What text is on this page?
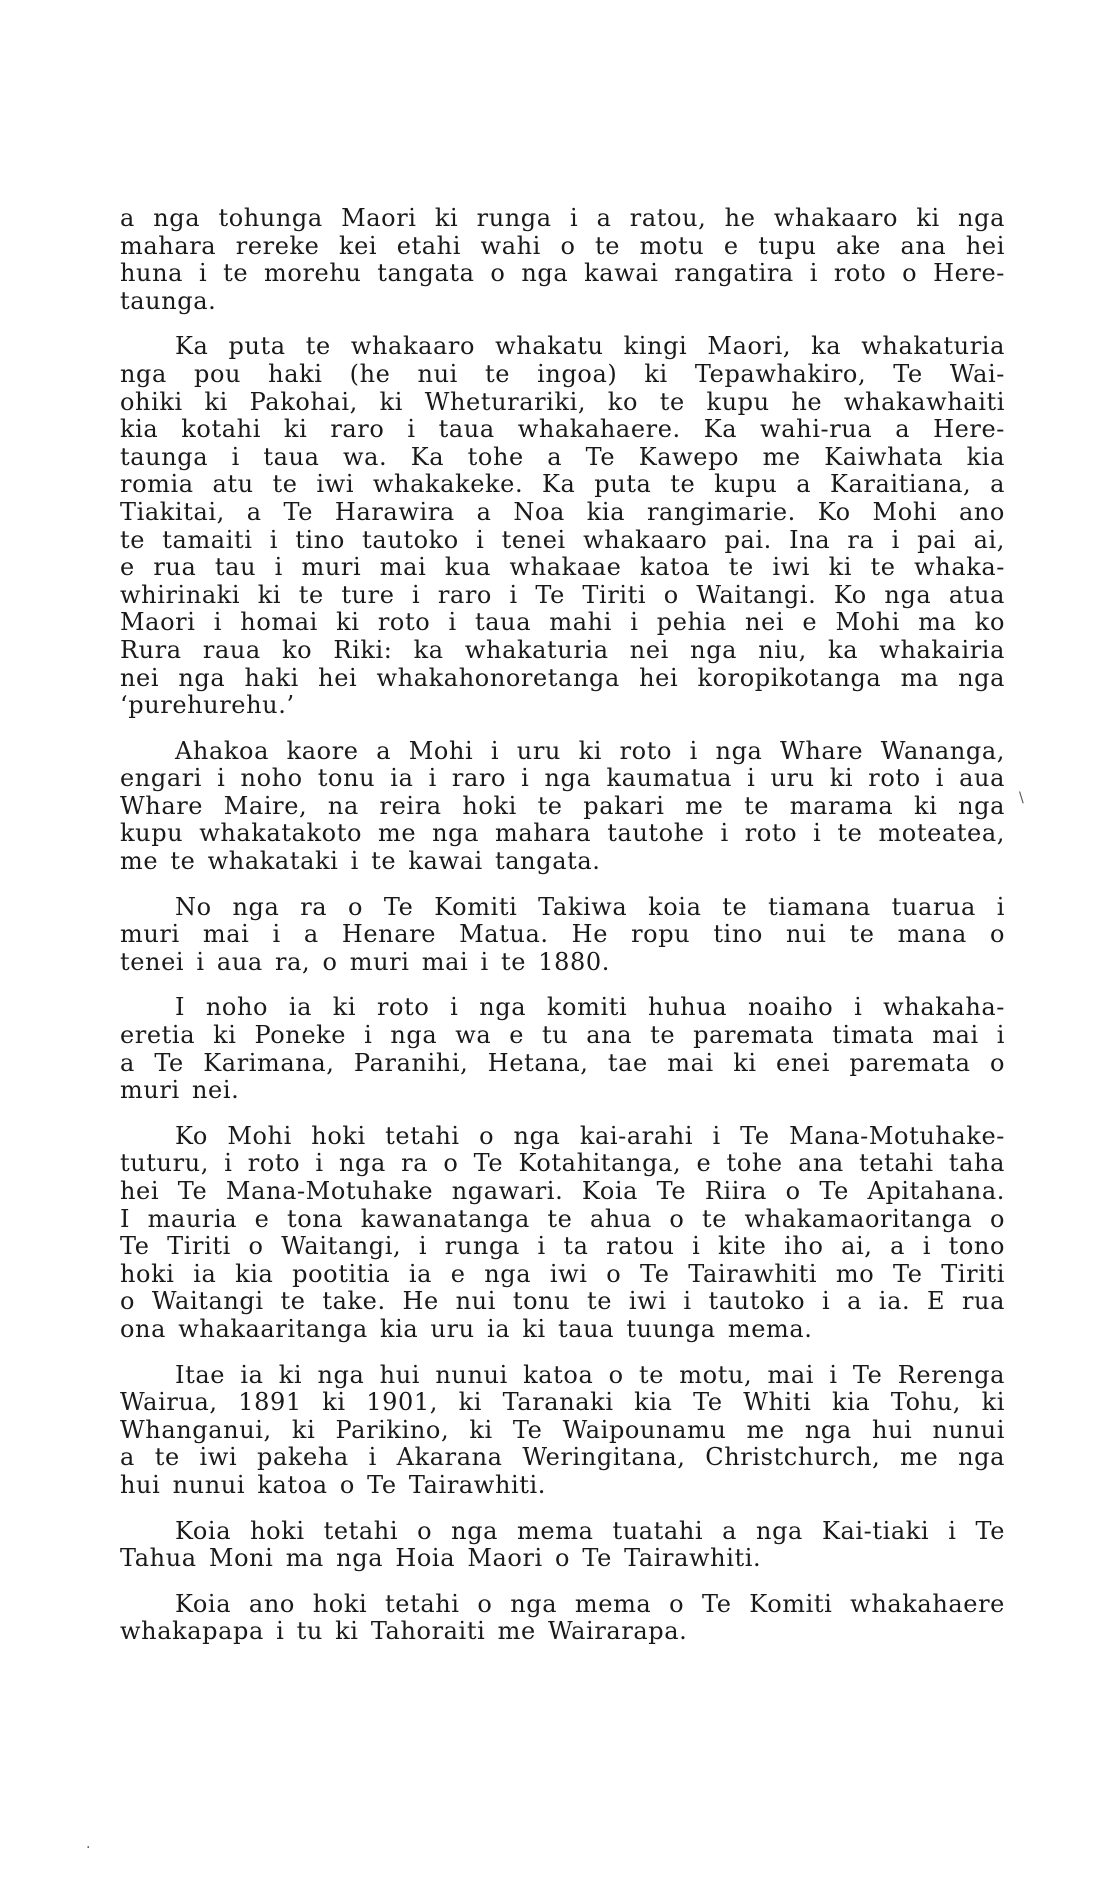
a nga tohunga Maori ki runga i a ratou, he whakaaro ki nga
mahara rereke kei etahi wahi o te motu e tupu ake ana hei
huna i te morehu tangata o nga kawai rangatira i roto o Here-
taunga.

Ka puta te whakaaro whakatu kingi Maori, ka whakaturia
nga pou haki (he nui te ingoa) ki Tepawhakiro, Te Wai-
ohiki ki Pakohai, ki Wheturariki, ko te kupu he whakawhaiti
kia kotahi ki raro i taua whakahaere. Ka wahi-rua a Here-
taunga i taua wa. Ka tohe a Te Kawepo me Kaiwhata kia
romia atu te iwi whakakeke. Ka puta te kupu a Karaitiana, a
Tiakitai, a Te Harawira a Noa kia rangimarie. Ko Mohi ano
te tamaiti i tino tautoko i tenei whakaaro pai. Ina ra i pai ai,
e rua tau i muri mai kua whakaae katoa te iwi ki te whaka-
whirinaki ki te ture i raro i Te Tiriti o Waitangi. Ko nga atua
Maori i homai ki roto i taua mahi i pehia nei e Mohi ma ko
Rura raua ko Riki: ka whakaturia nei nga niu, ka whakairia
nei nga haki hei whakahonoretanga hei koropikotanga ma nga
‘purehurehu.’

Ahakoa kaore a Mohi i uru ki roto i nga Whare Wananga,
engari i noho tonu ia i raro i nga kaumatua i uru ki roto i aua
Whare Maire, na reira hoki te pakari me te marama ki nga
kupu whakatakoto me nga mahara tautohe i roto i te moteatea,
me te whakataki i te kawai tangata.

No nga ra o Te Komiti Takiwa koia te tiamana tuarua i
muri mai i a Henare Matua. He ropu tino nui te mana o
tenei i aua ra, o muri mai i te 1880.

I noho ia ki roto i nga komiti huhua noaiho i whakaha-
eretia ki Poneke i nga wa e tu ana te paremata timata mai i
a Te Karimana, Paranihi, Hetana, tae mai ki enei paremata o
muri nei.

Ko Mohi hoki tetahi o nga kai-arahi i Te Mana-Motuhake-
tuturu, i roto i nga ra o Te Kotahitanga, e tohe ana tetahi taha
hei Te Mana-Motuhake ngawari. Koia Te Riira o Te Apitahana.
I mauria e tona kawanatanga te ahua o te whakamaoritanga o
Te Tiriti o Waitangi, i runga i ta ratou i kite iho ai, a i tono
hoki ia kia pootitia ia e nga iwi o Te Tairawhiti mo Te Tiriti
o Waitangi te take. He nui tonu te iwi i tautoko i a ia. E rua
ona whakaaritanga kia uru ia ki taua tuunga mema.

Itae ia ki nga hui nunui katoa o te motu, mai i Te Rerenga
Wairua, 1891 ki 1901, ki Taranaki kia Te Whiti kia Tohu, ki
Whanganui, ki Parikino, ki Te Waipounamu me nga hui nunui
a te iwi pakeha i Akarana Weringitana, Christchurch, me nga
hui nunui katoa o Te Tairawhiti.

Koia hoki tetahi o nga mema tuatahi a nga Kai-tiaki i Te
Tahua Moni ma nga Hoia Maori o Te Tairawhiti.

Koia ano hoki tetahi o nga mema o Te Komiti whakahaere
whakapapa i tu ki Tahoraiti me Wairarapa.

\
.
